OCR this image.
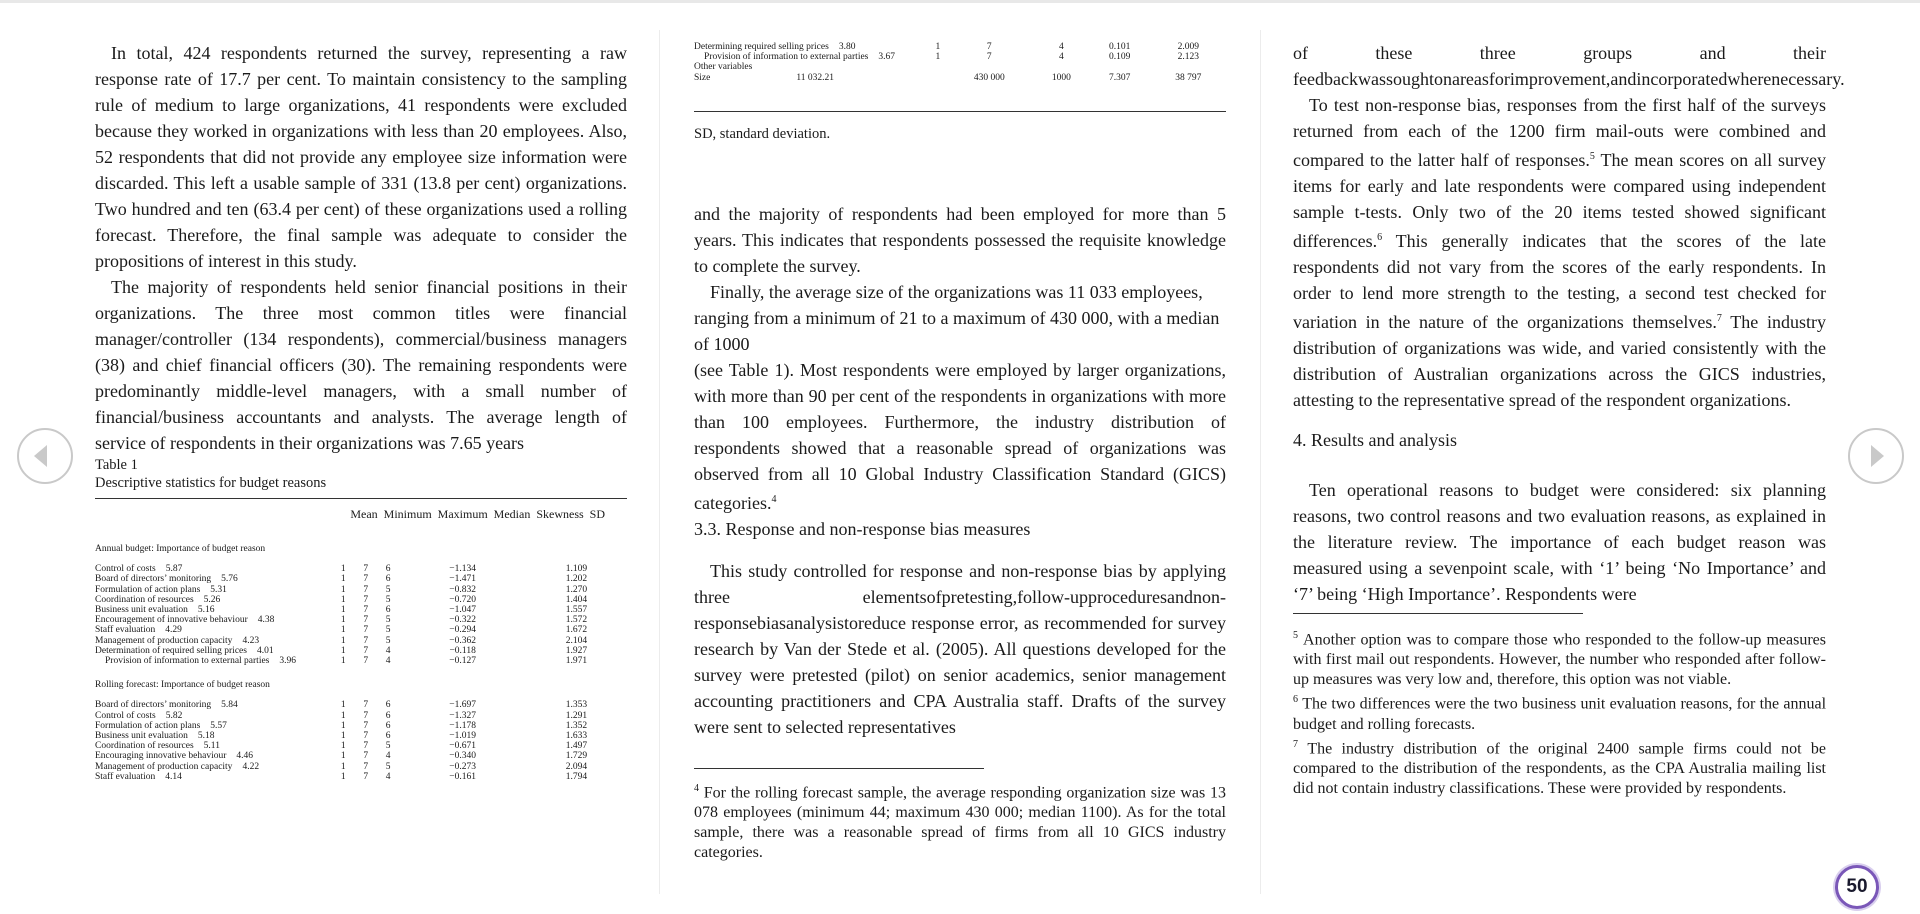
In total, 424 respondents returned the survey, representing a raw response rate of 17.7 per cent. To maintain consistency to the sampling rule of medium to large organizations, 41 respondents were excluded because they worked in organizations with less than 20 employees. Also, 52 respondents that did not provide any employee size information were discarded. This left a usable sample of 331 (13.8 per cent) organizations. Two hundred and ten (63.4 per cent) of these organizations used a rolling forecast. Therefore, the final sample was adequate to consider the propositions of interest in this study.

The majority of respondents held senior financial positions in their organizations. The three most common titles were financial manager/controller (134 respondents), commercial/business managers (38) and chief financial officers (30). The remaining respondents were predominantly middle-level managers, with a small number of financial/business accountants and analysts. The average length of service of respondents in their organizations was 7.65 years

Table 1
Descriptive statistics for budget reasons
Mean  Minimum  Maximum  Median  Skewness  SD
Annual budget: Importance of budget reason					
Control of costs 5.87	1	7	6	−1.134	1.109
Board of directors’ monitoring 5.76	1	7	6	−1.471	1.202
Formulation of action plans 5.31	1	7	5	−0.832	1.270
Coordination of resources 5.26	1	7	5	−0.720	1.404
Business unit evaluation 5.16	1	7	6	−1.047	1.557
Encouragement of innovative behaviour 4.38	1	7	5	−0.322	1.572
Staff evaluation 4.29	1	7	5	−0.294	1.672
Management of production capacity 4.23	1	7	5	−0.362	2.104
Determination of required selling prices 4.01	1	7	4	−0.118	1.927
Provision of information to external parties 3.96	1	7	4	−0.127	1.971
Rolling forecast: Importance of budget reason					
Board of directors’ monitoring 5.84	1	7	6	−1.697	1.353
Control of costs 5.82	1	7	6	−1.327	1.291
Formulation of action plans 5.57	1	7	6	−1.178	1.352
Business unit evaluation 5.18	1	7	6	−1.019	1.633
Coordination of resources 5.11	1	7	5	−0.671	1.497
Encouraging innovative behaviour 4.46	1	7	4	−0.340	1.729
Management of production capacity 4.22	1	7	5	−0.273	2.094
Staff evaluation 4.14	1	7	4	−0.161	1.794
Determining required selling prices 3.80	1	7	4	0.101	2.009
Provision of information to external parties 3.67	1	7	4	0.109	2.123
Other variables					
Size 11 032.21		430 000	1000	7.307	38 797
SD, standard deviation.

and the majority of respondents had been employed for more than 5 years. This indicates that respondents possessed the requisite knowledge to complete the survey.

Finally, the average size of the organizations was 11 033 employees, ranging from a minimum of 21 to a maximum of 430 000, with a median of 1000

(see Table 1). Most respondents were employed by larger organizations, with more than 90 per cent of the respondents in organizations with more than 100 employees. Furthermore, the industry distribution of respondents showed that a reasonable spread of organizations was observed from all 10 Global Industry Classification Standard (GICS) categories.$^4$

3.3. Response and non-response bias measures

This study controlled for response and non-response bias by applying three elementsofpretesting,follow-upproceduresandnon-responsebiasanalysistoreduce response error, as recommended for survey research by Van der Stede et al. (2005). All questions developed for the survey were pretested (pilot) on senior academics, senior management accounting practitioners and CPA Australia staff. Drafts of the survey were sent to selected representatives

$^4$ For the rolling forecast sample, the average responding organization size was 13 078 employees (minimum 44; maximum 430 000; median 1100). As for the total sample, there was a reasonable spread of firms from all 10 GICS industry categories.

of these three groups and their feedbackwassoughtonareasforimprovement,andincorporatedwherenecessary.

To test non-response bias, responses from the first half of the surveys returned from each of the 1200 firm mail-outs were combined and compared to the latter half of responses.$^5$ The mean scores on all survey items for early and late respondents were compared using independent sample t-tests. Only two of the 20 items tested showed significant differences.$^6$ This generally indicates that the scores of the late respondents did not vary from the scores of the early respondents. In order to lend more strength to the testing, a second test checked for variation in the nature of the organizations themselves.$^7$ The industry distribution of organizations was wide, and varied consistently with the distribution of Australian organizations across the GICS industries, attesting to the representative spread of the respondent organizations.

4. Results and analysis

Ten operational reasons to budget were considered: six planning reasons, two control reasons and two evaluation reasons, as explained in the literature review. The importance of each budget reason was measured using a sevenpoint scale, with ‘1’ being ‘No Importance’ and ‘7’ being ‘High Importance’. Respondents were

$^5$ Another option was to compare those who responded to the follow-up measures with first mail out respondents. However, the number who responded after follow-up measures was very low and, therefore, this option was not viable.

$^6$ The two differences were the two business unit evaluation reasons, for the annual budget and rolling forecasts.

$^7$ The industry distribution of the original 2400 sample firms could not be compared to the distribution of the respondents, as the CPA Australia mailing list did not contain industry classifications. These were provided by respondents.

50
